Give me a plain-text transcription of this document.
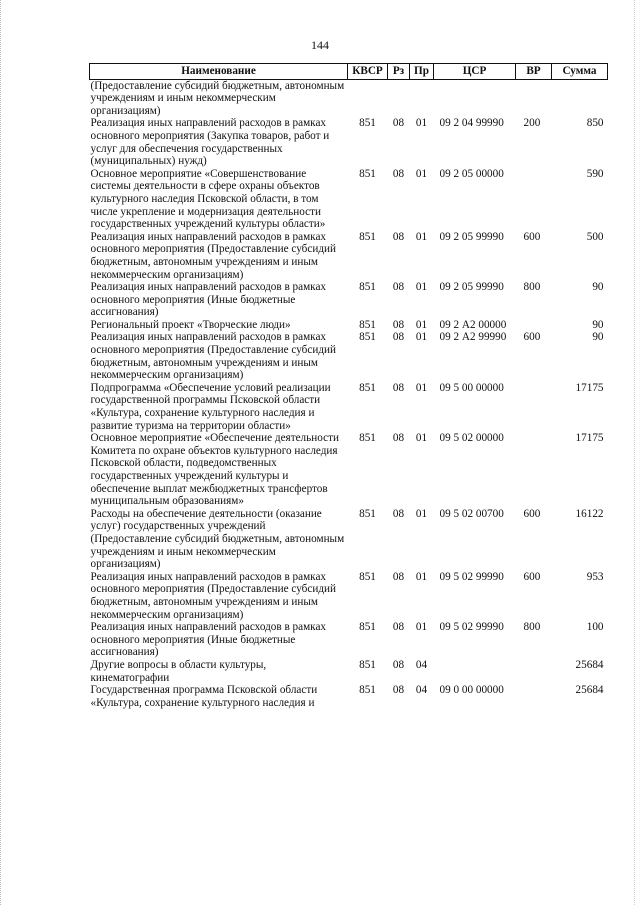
144
Наименование	КВСР	Рз	Пр	ЦСР	ВР	Сумма
(Предоставление субсидий бюджетным, автономным учреждениям и иным некоммерческим организациям)						
Реализация иных направлений расходов в рамках основного мероприятия (Закупка товаров, работ и услуг для обеспечения государственных (муниципальных) нужд)	851	08	01	09 2 04 99990	200	850
Основное мероприятие «Совершенствование системы деятельности в сфере охраны объектов культурного наследия Псковской области, в том числе укрепление и модернизация деятельности государственных учреждений культуры области»	851	08	01	09 2 05 00000		590
Реализация иных направлений расходов в рамках основного мероприятия (Предоставление субсидий бюджетным, автономным учреждениям и иным некоммерческим организациям)	851	08	01	09 2 05 99990	600	500
Реализация иных направлений расходов в рамках основного мероприятия (Иные бюджетные ассигнования)	851	08	01	09 2 05 99990	800	90
Региональный проект «Творческие люди»	851	08	01	09 2 А2 00000		90
Реализация иных направлений расходов в рамках основного мероприятия (Предоставление субсидий бюджетным, автономным учреждениям и иным некоммерческим организациям)	851	08	01	09 2 А2 99990	600	90
Подпрограмма «Обеспечение условий реализации государственной программы Псковской области «Культура, сохранение культурного наследия и развитие туризма на территории области»	851	08	01	09 5 00 00000		17175
Основное мероприятие «Обеспечение деятельности Комитета по охране объектов культурного наследия Псковской области, подведомственных государственных учреждений культуры и обеспечение выплат межбюджетных трансфертов муниципальным образованиям»	851	08	01	09 5 02 00000		17175
Расходы на обеспечение деятельности (оказание услуг) государственных учреждений (Предоставление субсидий бюджетным, автономным учреждениям и иным некоммерческим организациям)	851	08	01	09 5 02 00700	600	16122
Реализация иных направлений расходов в рамках основного мероприятия (Предоставление субсидий бюджетным, автономным учреждениям и иным некоммерческим организациям)	851	08	01	09 5 02 99990	600	953
Реализация иных направлений расходов в рамках основного мероприятия (Иные бюджетные ассигнования)	851	08	01	09 5 02 99990	800	100
Другие вопросы в области культуры, кинематографии	851	08	04			25684
Государственная программа Псковской области «Культура, сохранение культурного наследия и	851	08	04	09 0 00 00000		25684
